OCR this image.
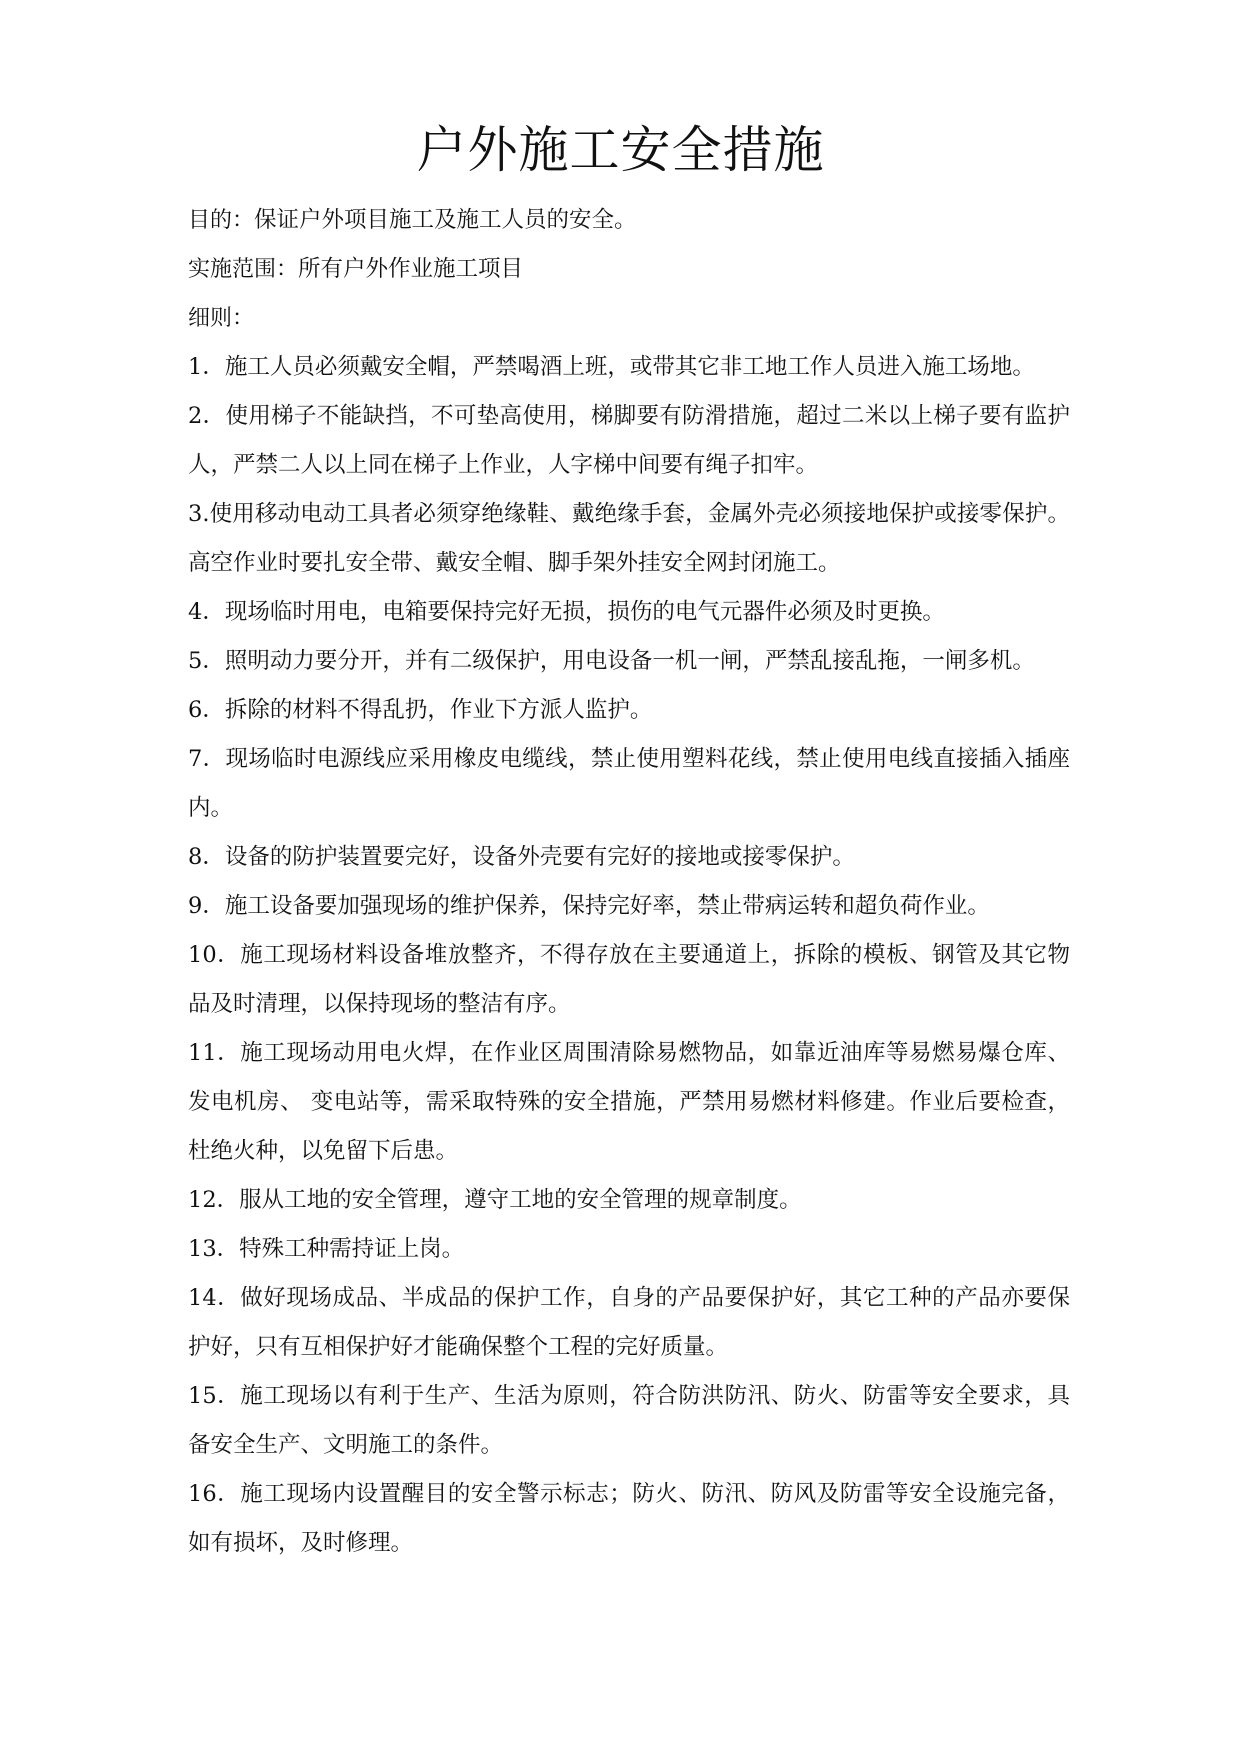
户外施工安全措施
目的：保证户外项目施工及施工人员的安全。
实施范围：所有户外作业施工项目
细则：

1．施工人员必须戴安全帽，严禁喝酒上班，或带其它非工地工作人员进入施工场地。

2．使用梯子不能缺挡，不可垫高使用，梯脚要有防滑措施，超过二米以上梯子要有监护人，严禁二人以上同在梯子上作业，人字梯中间要有绳子扣牢。

3.使用移动电动工具者必须穿绝缘鞋、戴绝缘手套，金属外壳必须接地保护或接零保护。高空作业时要扎安全带、戴安全帽、脚手架外挂安全网封闭施工。

4．现场临时用电，电箱要保持完好无损，损伤的电气元器件必须及时更换。

5．照明动力要分开，并有二级保护，用电设备一机一闸，严禁乱接乱拖，一闸多机。

6．拆除的材料不得乱扔，作业下方派人监护。

7．现场临时电源线应采用橡皮电缆线，禁止使用塑料花线，禁止使用电线直接插入插座内。

8．设备的防护装置要完好，设备外壳要有完好的接地或接零保护。

9．施工设备要加强现场的维护保养，保持完好率，禁止带病运转和超负荷作业。

10．施工现场材料设备堆放整齐，不得存放在主要通道上，拆除的模板、钢管及其它物品及时清理，以保持现场的整洁有序。

11．施工现场动用电火焊，在作业区周围清除易燃物品，如靠近油库等易燃易爆仓库、发电机房、 变电站等，需采取特殊的安全措施，严禁用易燃材料修建。作业后要检查，杜绝火种，以免留下后患。

12．服从工地的安全管理，遵守工地的安全管理的规章制度。

13．特殊工种需持证上岗。

14．做好现场成品、半成品的保护工作，自身的产品要保护好，其它工种的产品亦要保护好，只有互相保护好才能确保整个工程的完好质量。

15．施工现场以有利于生产、生活为原则，符合防洪防汛、防火、防雷等安全要求，具备安全生产、文明施工的条件。

16．施工现场内设置醒目的安全警示标志；防火、防汛、防风及防雷等安全设施完备，如有损坏，及时修理。
